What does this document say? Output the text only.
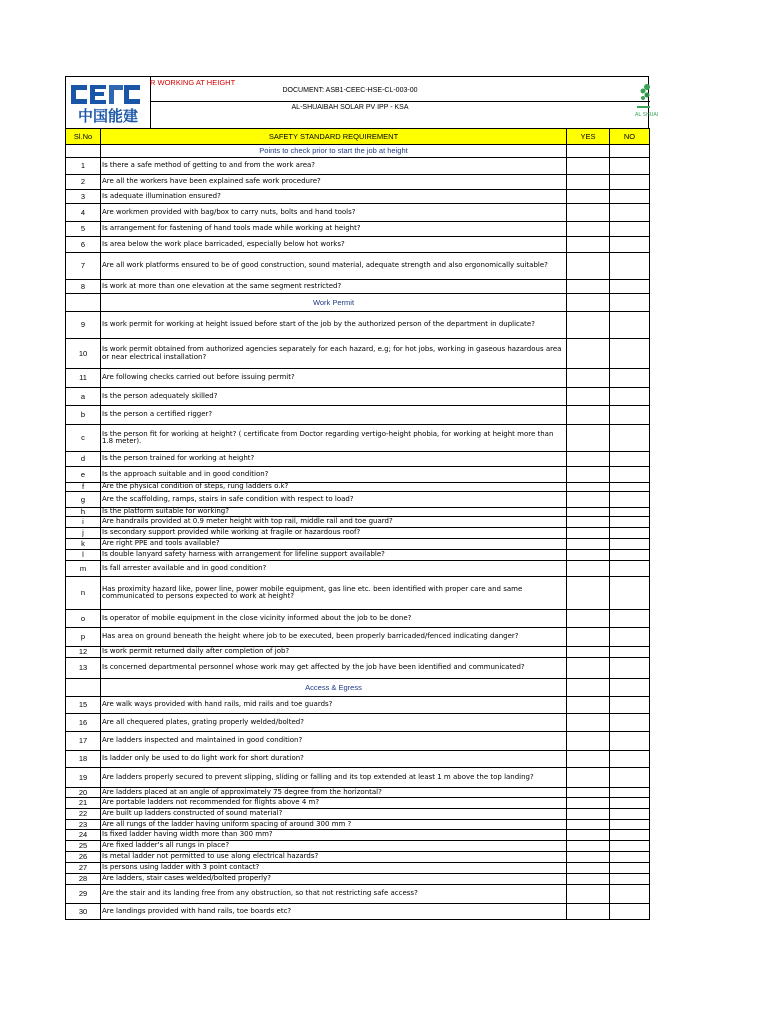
中国能建
R WORKING AT HEIGHT
DOCUMENT: ASB1-CEEC-HSE-CL-003-00
AL-SHUAIBAH SOLAR PV IPP - KSA
AL SHUAI
Sl.No	SAFETY STANDARD REQUIREMENT	YES	NO
	Points to check prior to start the job at height		
1	Is there a safe method of getting to and from the work area?		
2	Are all the workers have been explained safe work procedure?		
3	Is adequate illumination ensured?		
4	Are workmen provided with bag/box to carry nuts, bolts and hand tools?		
5	Is arrangement for fastening of hand tools made while working at height?		
6	Is area below the work place barricaded, especially below hot works?		
7	Are all work platforms ensured to be of good construction, sound material, adequate strength and also ergonomically suitable?		
8	Is work at more than one elevation at the same segment restricted?		
	Work Permit		
9	Is work permit for working at height issued before start of the job by the authorized person of the department in duplicate?		
10	Is work permit obtained from authorized agencies separately for each hazard, e.g; for hot jobs, working in gaseous hazardous area or near electrical installation?		
11	Are following checks carried out before issuing permit?		
a	Is the person adequately skilled?		
b	Is the person a certified rigger?		
c	Is the person fit for working at height? ( certificate from Doctor regarding vertigo-height phobia, for working at height more than 1.8 meter).		
d	Is the person trained for working at height?		
e	Is the approach suitable and in good condition?		
f	Are the physical condition of steps, rung ladders o.k?		
g	Are the scaffolding, ramps, stairs in safe condition with respect to load?		
h	Is the platform suitable for working?		
i	Are handrails provided at 0.9 meter height with top rail, middle rail and toe guard?		
j	Is secondary support provided while working at fragile or hazardous roof?		
k	Are right PPE and tools available?		
l	Is double lanyard safety harness with arrangement for lifeline support available?		
m	Is fall arrester available and in good condition?		
n	Has proximity hazard like, power line, power mobile equipment, gas line etc. been identified with proper care and same communicated to persons expected to work at height?		
o	Is operator of mobile equipment in the close vicinity informed about the job to be done?		
p	Has area on ground beneath the height where job to be executed, been properly barricaded/fenced indicating danger?		
12	Is work permit returned daily after completion of job?		
13	Is concerned departmental personnel whose work may get affected by the job have been identified and communicated?		
	Access & Egress		
15	Are walk ways provided with hand rails, mid rails and toe guards?		
16	Are all chequered plates, grating properly welded/bolted?		
17	Are ladders inspected and maintained in good condition?		
18	Is ladder only be used to do light work for short duration?		
19	Are ladders properly secured to prevent slipping, sliding or falling and its top extended at least 1 m above the top landing?		
20	Are ladders placed at an angle of approximately 75 degree from the horizontal?		
21	Are portable ladders not recommended for flights above 4 m?		
22	Are built up ladders constructed of sound material?		
23	Are all rungs of the ladder having uniform spacing of around 300 mm ?		
24	Is fixed ladder having width more than 300 mm?		
25	Are fixed ladder's all rungs in place?		
26	Is metal ladder not permitted to use along electrical hazards?		
27	Is persons using ladder with 3 point contact?		
28	Are ladders, stair cases welded/bolted properly?		
29	Are the stair and its landing free from any obstruction, so that not restricting safe access?		
30	Are landings provided with hand rails, toe boards etc?		
